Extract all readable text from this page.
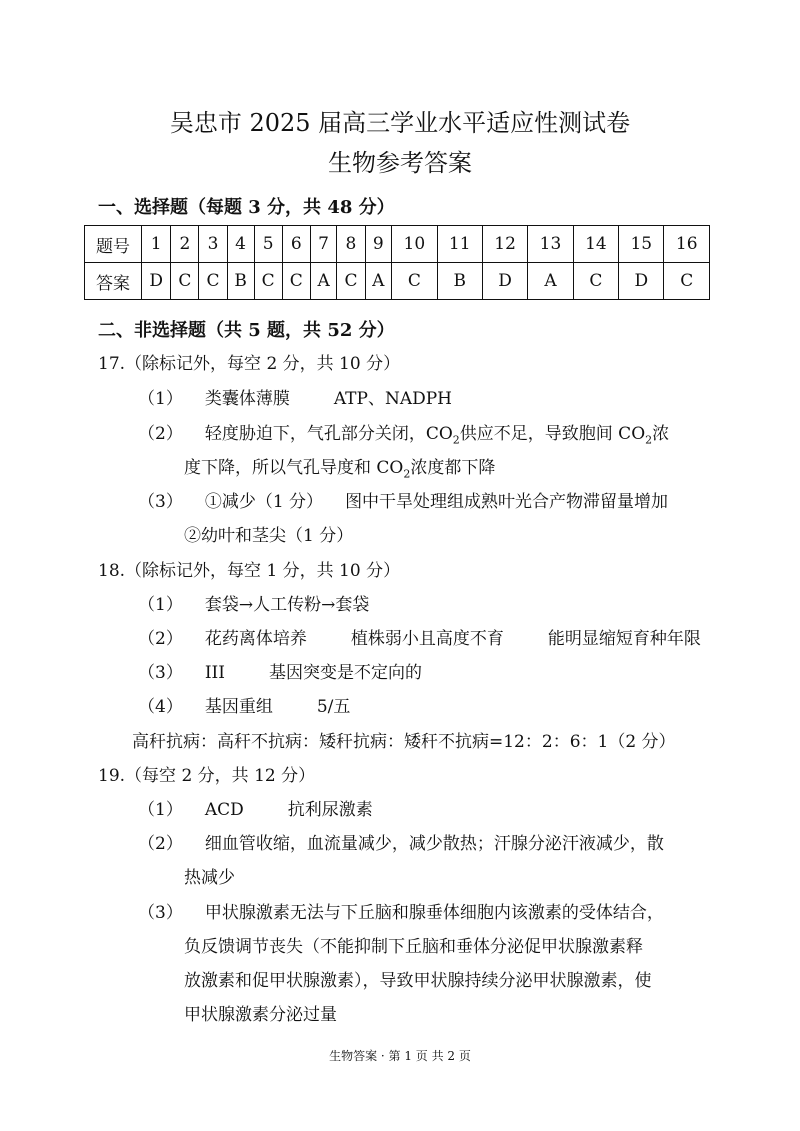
吴忠市 2025 届高三学业水平适应性测试卷
生物参考答案
一、选择题（每题 3 分，共 48 分）
题号	1	2	3	4	5	6	7	8	9	10	11	12	13	14	15	16
答案	D	C	C	B	C	C	A	C	A	C	B	D	A	C	D	C
二、非选择题（共 5 题，共 52 分）
17.（除标记外，每空 2 分，共 10 分）
（1） 类囊体薄膜	ATP、NADPH
（2） 轻度胁迫下，气孔部分关闭，$CO_2$供应不足，导致胞间 $CO_2$浓
度下降，所以气孔导度和 $CO_2$浓度都下降
（3） ①减少（1 分） 图中干旱处理组成熟叶光合产物滞留量增加
②幼叶和茎尖（1 分）
18.（除标记外，每空 1 分，共 10 分）
（1） 套袋→人工传粉→套袋
（2） 花药离体培养	植株弱小且高度不育	能明显缩短育种年限
（3） III	基因突变是不定向的
（4） 基因重组	5/五
高秆抗病：高秆不抗病：矮秆抗病：矮秆不抗病=12：2：6：1（2 分）
19.（每空 2 分，共 12 分）
（1） ACD	抗利尿激素
（2） 细血管收缩，血流量减少，减少散热；汗腺分泌汗液减少，散
热减少
（3） 甲状腺激素无法与下丘脑和腺垂体细胞内该激素的受体结合，
负反馈调节丧失（不能抑制下丘脑和垂体分泌促甲状腺激素释
放激素和促甲状腺激素），导致甲状腺持续分泌甲状腺激素，使
甲状腺激素分泌过量
生物答案 · 第 1 页 共 2 页
